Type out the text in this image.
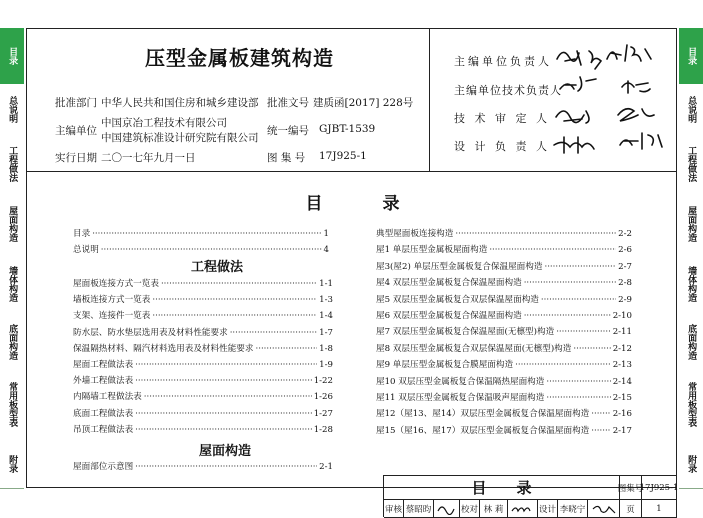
目录
总说明
工程做法
屋面构造
墙体构造
底面构造
常用板型表
附录
目录
总说明
工程做法
屋面构造
墙体构造
底面构造
常用板型表
附录
压型金属板建筑构造
批准部门 中华人民共和国住房和城乡建设部
主编单位
中国京冶工程技术有限公司
中国建筑标准设计研究院有限公司
实行日期 二〇一七年九月一日
批准文号 建质函[2017] 228号
统一编号 GJBT-1539
图 集 号 17J925-1
主编单位负责人
主编单位技术负责人
技 术 审 定 人
设 计 负 责 人
目录
目录 ·····	1
总说明 ·····	4
屋面板连接方式一览表 ·····	1-1
墙板连接方式一览表 ·····	1-3
支架、连接件一览表 ·····	1-4
防水层、防水垫层选用表及材料性能要求 ·····	1-7
保温隔热材料、隔汽材料选用表及材料性能要求 ·····	1-8
屋面工程做法表 ·····	1-9
外墙工程做法表 ·····	1-22
内隔墙工程做法表 ·····	1-26
底面工程做法表 ·····	1-27
吊顶工程做法表 ·····	1-28
屋面部位示意图 ·····	2-1
典型屋面板连接构造 ·····	2-2
屋1 单层压型金属板屋面构造 ·····	2-6
屋3(屋2) 单层压型金属板复合保温屋面构造 ·····	2-7
屋4 双层压型金属板复合保温屋面构造 ·····	2-8
屋5 双层压型金属板复合双层保温屋面构造 ·····	2-9
屋6 双层压型金属板复合保温屋面构造 ·····	2-10
屋7 双层压型金属板复合保温屋面(无檩型)构造 ·····	2-11
屋8 双层压型金属板复合双层保温屋面(无檩型)构造 ·····	2-12
屋9 单层压型金属板复合膜屋面构造 ·····	2-13
屋10 双层压型金属板复合保温隔热屋面构造 ·····	2-14
屋11 双层压型金属板复合保温吸声屋面构造 ·····	2-15
屋12（屋13、屋14）双层压型金属板复合保温屋面构造 ·····	2-16
屋15（屋16、屋17）双层压型金属板复合保温屋面构造 ·····	2-17
工程做法
屋面构造
目　　录	图集号
17J925-1
审核 蔡昭昀	校对 林 莉	设计 李晓宁	页	1
